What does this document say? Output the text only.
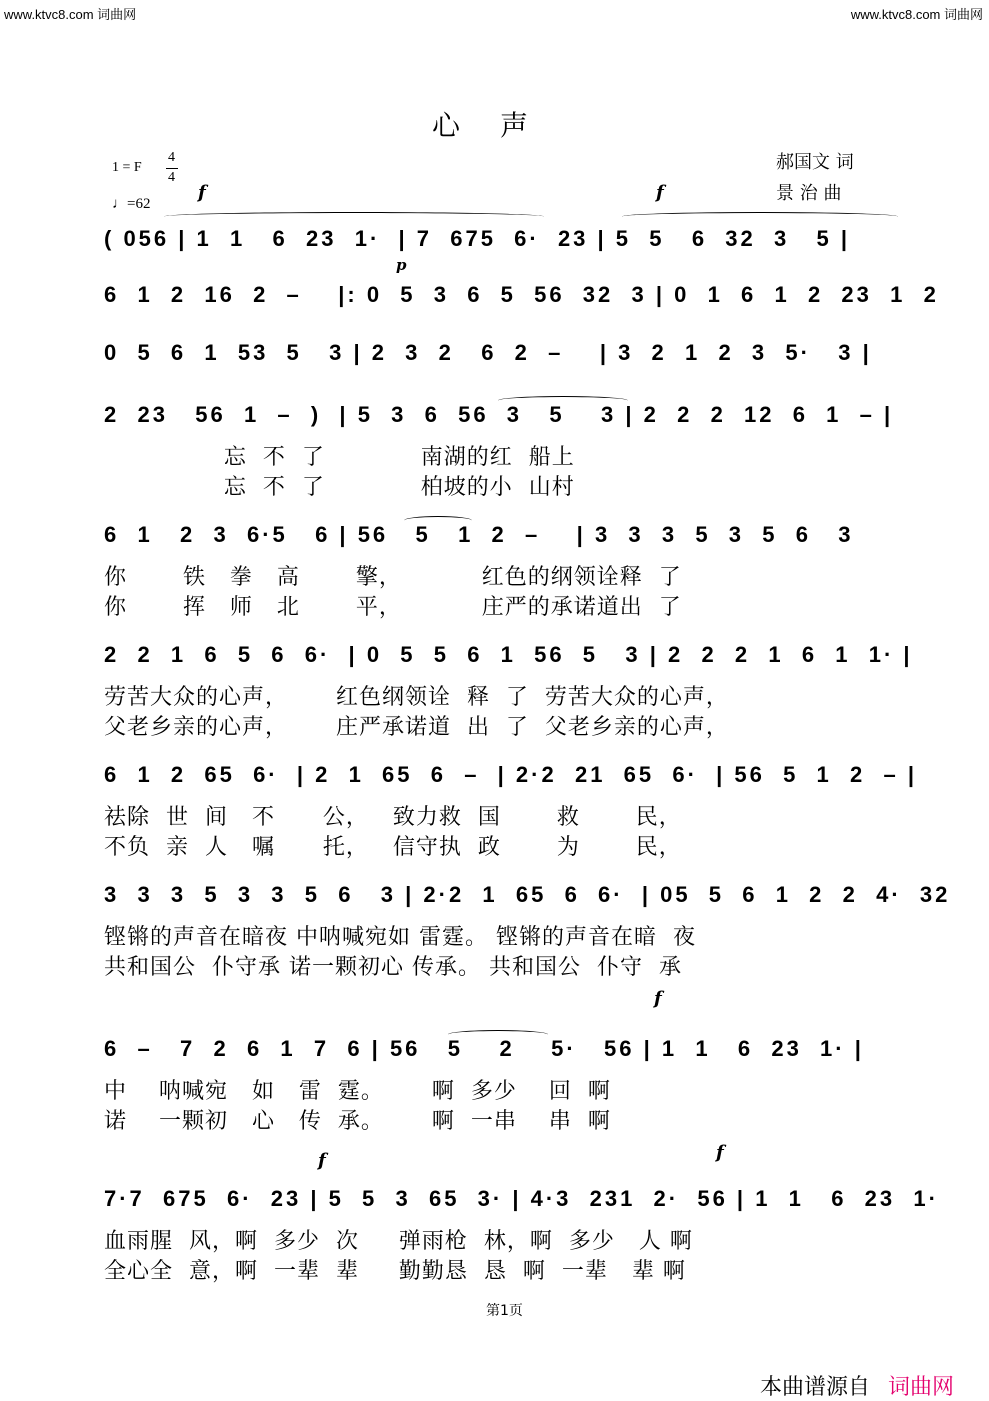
www.ktvc8.com 词曲网	www.ktvc8.com 词曲网
心声
郝国文 词
景 治 曲
1 = F
4
4
♩=62
f	f
p
f
f	f
( 056 | 1  1   6  23  1·  | 7  675  6·  23 | 5  5   6  32  3   5 |
6  1  2  16  2  –    |: 0  5  3  6  5  56  32  3 | 0  1  6  1  2  23  1  2
0  5  6  1  53  5   3 | 2  3  2   6  2  –    | 3  2  1  2  3  5·   3 |
2  23   56  1  –  )  | 5  3  6  56  3   5    3 | 2  2  2  12  6  1  – |
忘  不  了            南湖的红  船上
忘  不  了            柏坡的小  山村
6  1   2  3  6·5   6 | 56   5   1  2  –    | 3  3  3  5  3  5  6   3
你       铁   拳   高       擎，          红色的纲领诠释  了
你       挥   师   北       平，          庄严的承诺道出  了
2  2  1  6  5  6  6·  | 0  5  5  6  1  56  5   3 | 2  2  2  1  6  1  1· |
劳苦大众的心声，      红色纲领诠  释  了  劳苦大众的心声，
父老乡亲的心声，      庄严承诺道  出  了  父老乡亲的心声，
6  1  2  65  6·  | 2  1  65  6  –  | 2·2  21  65  6·  | 56  5  1  2  – |
祛除  世  间   不      公，   致力救  国       救       民，
不负  亲  人   嘱      托，   信守执  政       为       民，
3  3  3  5  3  3  5  6   3 | 2·2  1  65  6  6·  | 05  5  6  1  2  2  4·  32
铿锵的声音在暗夜 中呐喊宛如 雷霆。 铿锵的声音在暗  夜
共和国公  仆守承 诺一颗初心 传承。 共和国公  仆守  承
6  –   7  2  6  1  7  6 | 56   5    2    5·   56 | 1  1   6  23  1· |
中    呐喊宛   如   雷  霆。      啊  多少    回  啊
诺    一颗初   心   传  承。      啊  一串    串  啊
7·7  675  6·  23 | 5  5  3  65  3· | 4·3  231  2·  56 | 1  1   6  23  1·
血雨腥  风，啊  多少  次     弹雨枪  林，啊  多少   人 啊
全心全  意，啊  一辈  辈     勤勤恳  恳  啊  一辈   辈 啊
第1页
本曲谱源自 词曲网
